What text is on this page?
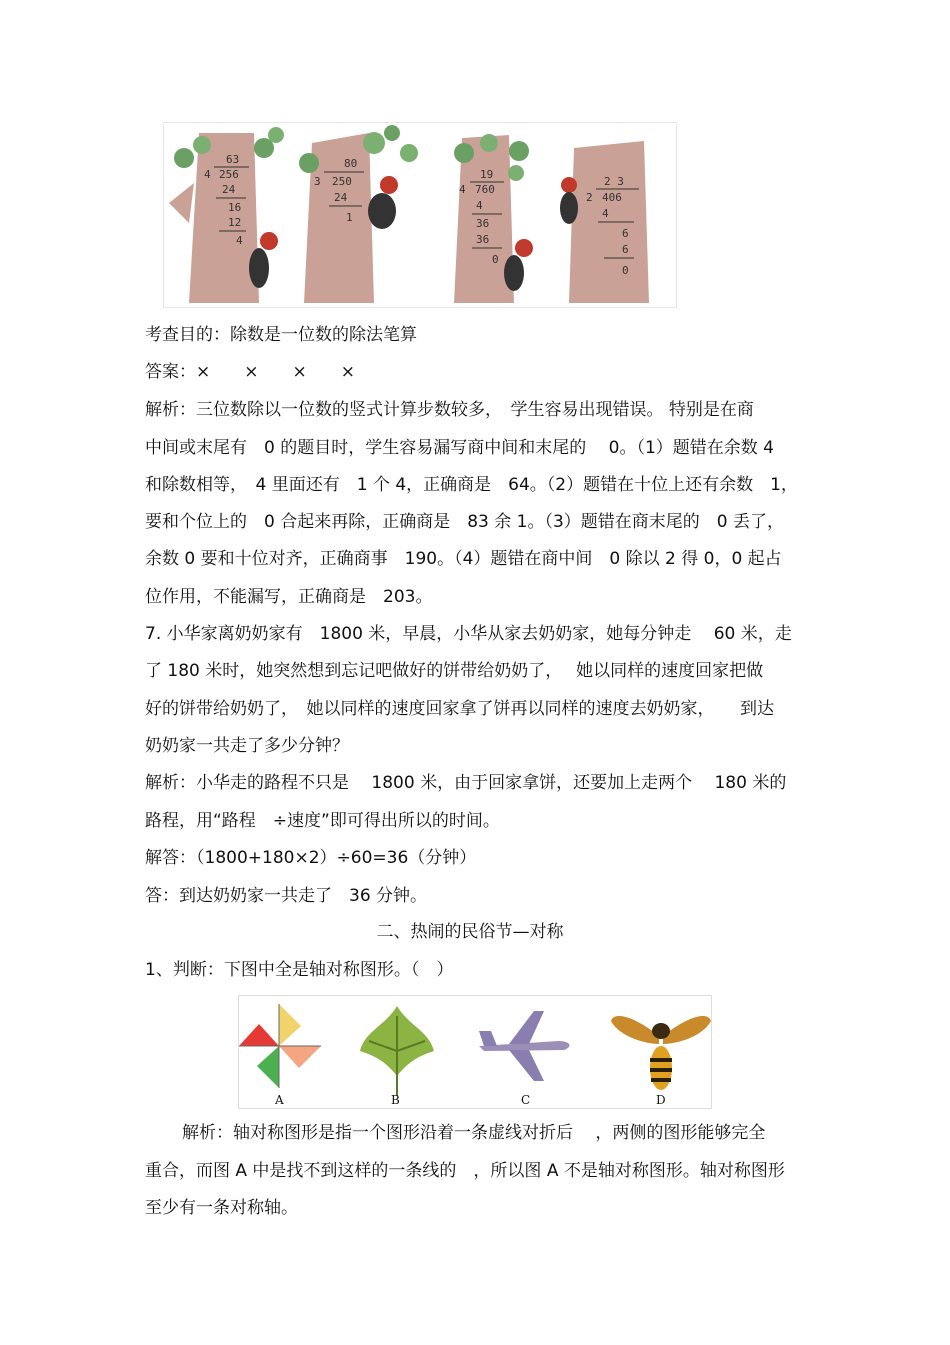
63
4 256
24
16
12
4
80
3 250
24
1
19
4 760
4
36
36
0
2 3
2 406
4
6
6
0
考查目的：除数是一位数的除法笔算
答案：×　　×　　×　　×
解析：三位数除以一位数的竖式计算步数较多，　学生容易出现错误。 特别是在商
中间或末尾有　0 的题目时，学生容易漏写商中间和末尾的　 0。（1）题错在余数 4
和除数相等，　4 里面还有　1 个 4，正确商是　64。（2）题错在十位上还有余数　1，
要和个位上的　0 合起来再除，正确商是　83 余 1。（3）题错在商末尾的　0 丢了，
余数 0 要和十位对齐，正确商事　190。（4）题错在商中间　0 除以 2 得 0，0 起占
位作用，不能漏写，正确商是　203。
7. 小华家离奶奶家有　1800 米，早晨，小华从家去奶奶家，她每分钟走　 60 米，走
了 180 米时，她突然想到忘记吧做好的饼带给奶奶了，　 她以同样的速度回家把做
好的饼带给奶奶了，　她以同样的速度回家拿了饼再以同样的速度去奶奶家，　　到达
奶奶家一共走了多少分钟？
解析：小华走的路程不只是　 1800 米，由于回家拿饼，还要加上走两个　 180 米的
路程，用“路程　÷速度”即可得出所以的时间。
解答：（1800+180×2）÷60=36（分钟）
答：到达奶奶家一共走了　36 分钟。
二、热闹的民俗节—对称
1、判断：下图中全是轴对称图形。（　）
A	B	C	D
解析：轴对称图形是指一个图形沿着一条虚线对折后　 ，两侧的图形能够完全
重合，而图 A 中是找不到这样的一条线的　，所以图 A 不是轴对称图形。轴对称图形
至少有一条对称轴。
